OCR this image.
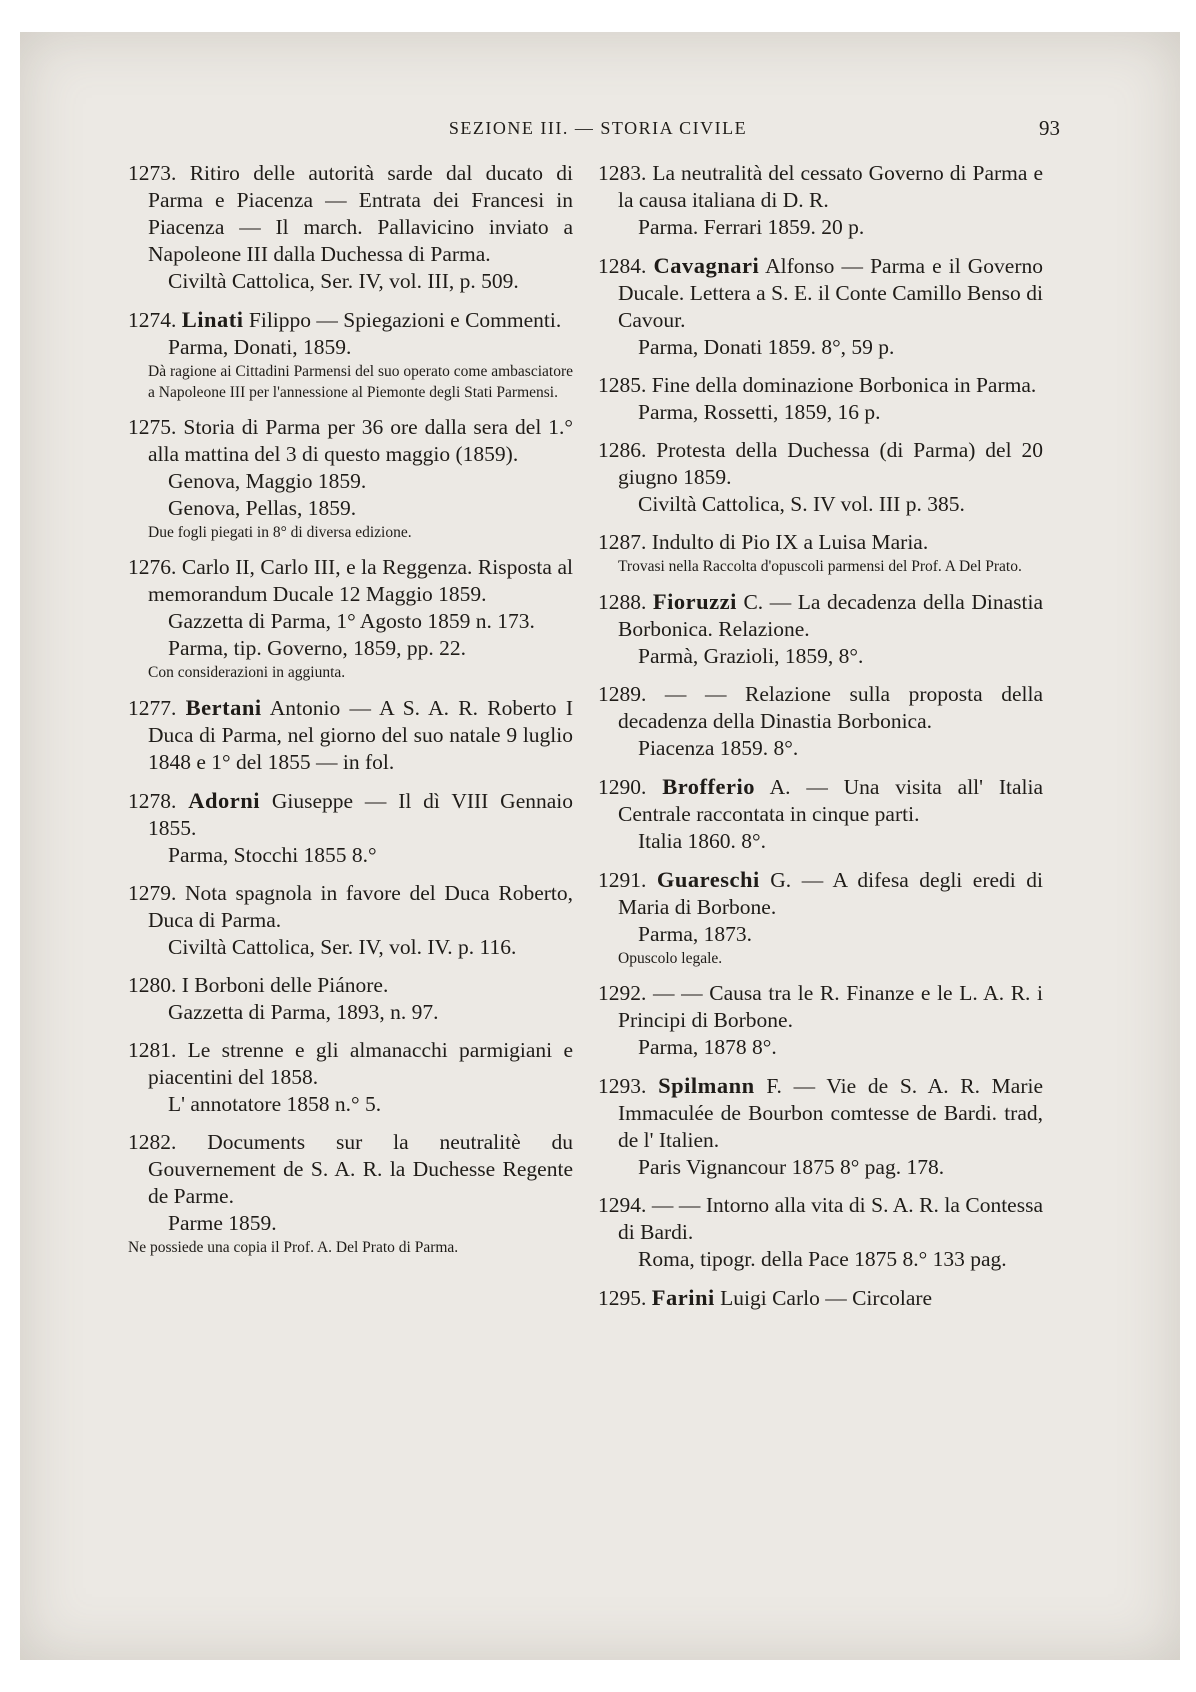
SEZIONE III. — STORIA CIVILE	93
1273. Ritiro delle autorità sarde dal ducato di Parma e Piacenza — Entrata dei Francesi in Piacenza — Il march. Pallavicino inviato a Napoleone III dalla Duchessa di Parma.
Civiltà Cattolica, Ser. IV, vol. III, p. 509.
1274. Linati Filippo — Spiegazioni e Commenti.
Parma, Donati, 1859.
Dà ragione ai Cittadini Parmensi del suo operato come ambasciatore a Napoleone III per l'annessione al Piemonte degli Stati Parmensi.
1275. Storia di Parma per 36 ore dalla sera del 1.° alla mattina del 3 di questo maggio (1859).
Genova, Maggio 1859.
Genova, Pellas, 1859.
Due fogli piegati in 8° di diversa edizione.
1276. Carlo II, Carlo III, e la Reggenza. Risposta al memorandum Ducale 12 Maggio 1859.
Gazzetta di Parma, 1° Agosto 1859 n. 173.
Parma, tip. Governo, 1859, pp. 22.
Con considerazioni in aggiunta.
1277. Bertani Antonio — A S. A. R. Roberto I Duca di Parma, nel giorno del suo natale 9 luglio 1848 e 1° del 1855 — in fol.
1278. Adorni Giuseppe — Il dì VIII Gennaio 1855.
Parma, Stocchi 1855 8.°
1279. Nota spagnola in favore del Duca Roberto, Duca di Parma.
Civiltà Cattolica, Ser. IV, vol. IV. p. 116.
1280. I Borboni delle Piánore.
Gazzetta di Parma, 1893, n. 97.
1281. Le strenne e gli almanacchi parmigiani e piacentini del 1858.
L' annotatore 1858 n.° 5.
1282. Documents sur la neutralitè du Gouvernement de S. A. R. la Duchesse Regente de Parme.
Parme 1859.
Ne possiede una copia il Prof. A. Del Prato di Parma.
1283. La neutralità del cessato Governo di Parma e la causa italiana di D. R.
Parma. Ferrari 1859. 20 p.
1284. Cavagnari Alfonso — Parma e il Governo Ducale. Lettera a S. E. il Conte Camillo Benso di Cavour.
Parma, Donati 1859. 8°, 59 p.
1285. Fine della dominazione Borbonica in Parma.
Parma, Rossetti, 1859, 16 p.
1286. Protesta della Duchessa (di Parma) del 20 giugno 1859.
Civiltà Cattolica, S. IV vol. III p. 385.
1287. Indulto di Pio IX a Luisa Maria.
Trovasi nella Raccolta d'opuscoli parmensi del Prof. A Del Prato.
1288. Fioruzzi C. — La decadenza della Dinastia Borbonica. Relazione.
Parmà, Grazioli, 1859, 8°.
1289. — — Relazione sulla proposta della decadenza della Dinastia Borbonica.
Piacenza 1859. 8°.
1290. Brofferio A. — Una visita all' Italia Centrale raccontata in cinque parti.
Italia 1860. 8°.
1291. Guareschi G. — A difesa degli eredi di Maria di Borbone.
Parma, 1873.
Opuscolo legale.
1292. — — Causa tra le R. Finanze e le L. A. R. i Principi di Borbone.
Parma, 1878 8°.
1293. Spilmann F. — Vie de S. A. R. Marie Immaculée de Bourbon comtesse de Bardi. trad, de l' Italien.
Paris Vignancour 1875 8° pag. 178.
1294. — — Intorno alla vita di S. A. R. la Contessa di Bardi.
Roma, tipogr. della Pace 1875 8.° 133 pag.
1295. Farini Luigi Carlo — Circolare
